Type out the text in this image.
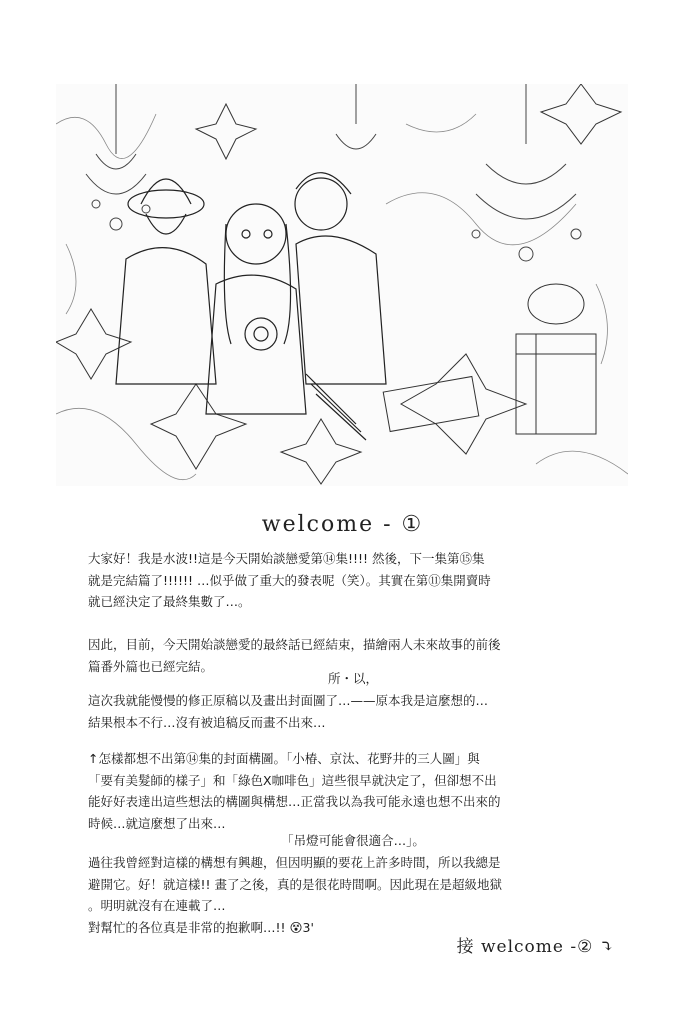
welcome - ①

大家好！我是水波!!這是今天開始談戀愛第⑭集!!!! 然後，下一集第⑮集

就是完結篇了!!!!!! …似乎做了重大的發表呢（笑）。其實在第⑪集開賣時

就已經決定了最終集數了…。

因此，目前，今天開始談戀愛的最終話已經結束，描繪兩人未來故事的前後

篇番外篇也已經完結。

所・以，

這次我就能慢慢的修正原稿以及畫出封面圖了…——原本我是這麼想的…

結果根本不行…沒有被追稿反而畫不出來…

↑怎樣都想不出第⑭集的封面構圖。「小椿、京汰、花野井的三人圖」與

「要有美髮師的樣子」和「綠色Ⅹ咖啡色」這些很早就決定了，但卻想不出

能好好表達出這些想法的構圖與構想…正當我以為我可能永遠也想不出來的

時候…就這麼想了出來…

「吊燈可能會很適合…」。

過往我曾經對這樣的構想有興趣，但因明顯的要花上許多時間，所以我總是

避開它。好！就這樣!! 畫了之後，真的是很花時間啊。因此現在是超級地獄

。明明就沒有在連載了…

對幫忙的各位真是非常的抱歉啊…!! 😵3'

接 welcome -② ⤵
